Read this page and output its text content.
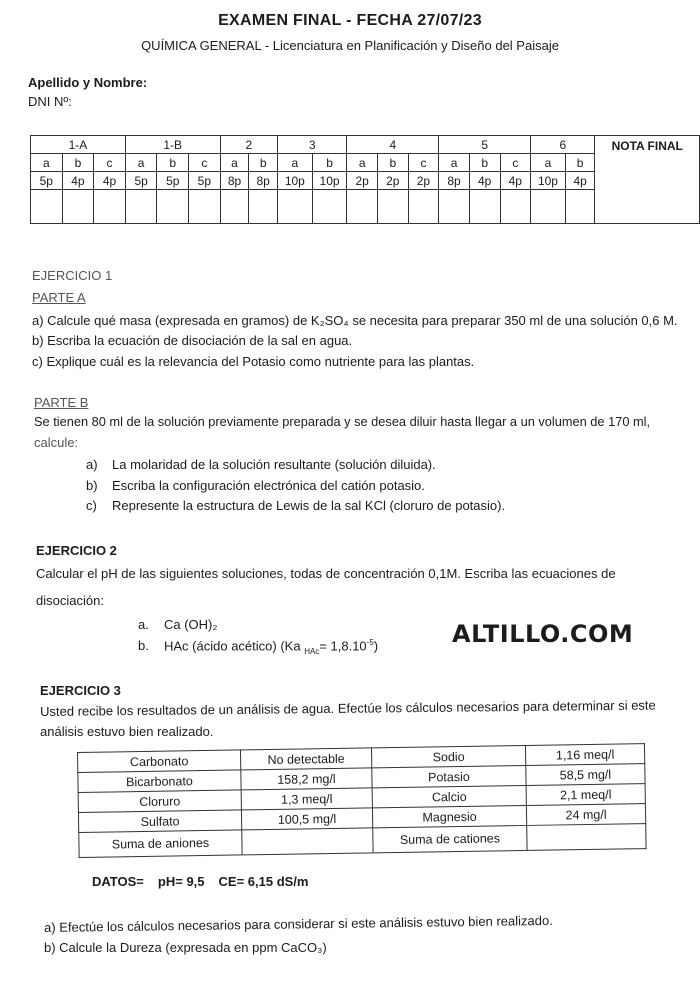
EXAMEN FINAL - FECHA 27/07/23
QUÍMICA GENERAL - Licenciatura en Planificación y Diseño del Paisaje
Apellido y Nombre:
DNI Nº:
1-A			1-B			2		3		4			5			6		NOTA FINAL
a	b	c	a	b	c	a	b	a	b	a	b	c	a	b	c	a	b	
5p	4p	4p	5p	5p	5p	8p	8p	10p	10p	2p	2p	2p	8p	4p	4p	10p	4p	

EJERCICIO 1
PARTE A
a) Calcule qué masa (expresada en gramos) de K₂SO₄ se necesita para preparar 350 ml de una solución 0,6 M.
b) Escriba la ecuación de disociación de la sal en agua.
c) Explique cuál es la relevancia del Potasio como nutriente para las plantas.
PARTE B
Se tienen 80 ml de la solución previamente preparada y se desea diluir hasta llegar a un volumen de 170 ml,
calcule:
a) La molaridad de la solución resultante (solución diluida).
b) Escriba la configuración electrónica del catión potasio.
c) Represente la estructura de Lewis de la sal KCl (cloruro de potasio).
EJERCICIO 2
Calcular el pH de las siguientes soluciones, todas de concentración 0,1M. Escriba las ecuaciones de
disociación:
a. Ca (OH)₂
b. HAc (ácido acético) (Ka $_{HAc}= 1,8.10^{-5}$)	ALTILLO.COM
EJERCICIO 3
Usted recibe los resultados de un análisis de agua. Efectúe los cálculos necesarios para determinar si este
análisis estuvo bien realizado.
Carbonato	No detectable	Sodio	1,16 meq/l
Bicarbonato	158,2 mg/l	Potasio	58,5 mg/l
Cloruro	1,3 meq/l	Calcio	2,1 meq/l
Sulfato	100,5 mg/l	Magnesio	24 mg/l
Suma de aniones		Suma de cationes	
DATOS= pH= 9,5 CE= 6,15 dS/m
a) Efectúe los cálculos necesarios para considerar si este análisis estuvo bien realizado.
b) Calcule la Dureza (expresada en ppm CaCO₃)
